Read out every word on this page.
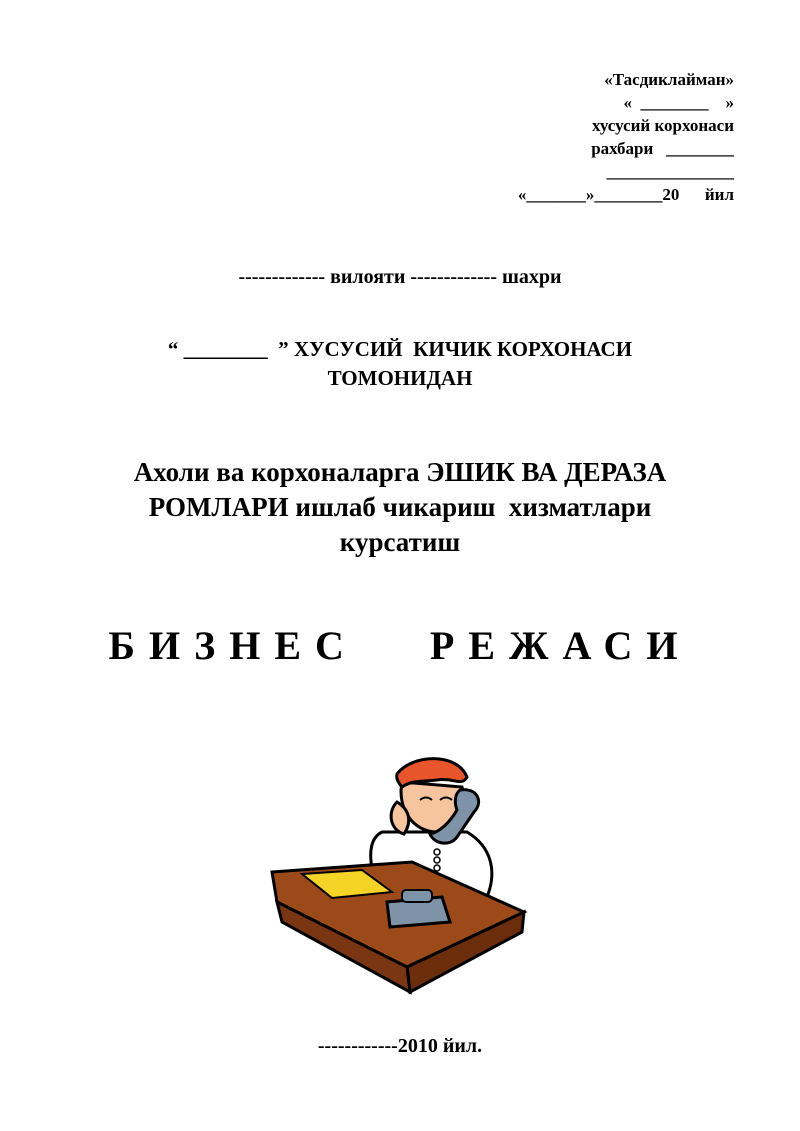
«Тасдиклайман»
«  ________    »
хусусий корхонаси
рахбари   ________
_______________
«_______»________20      йил
------------- вилояти ------------- шахри
“ ________  ” ХУСУСИЙ  КИЧИК КОРХОНАСИ
ТОМОНИДАН
Ахоли ва корхоналарга ЭШИК ВА ДЕРАЗА
РОМЛАРИ ишлаб чикариш  хизматлари
курсатиш
БИЗНЕС   РЕЖАСИ
------------2010 йил.
